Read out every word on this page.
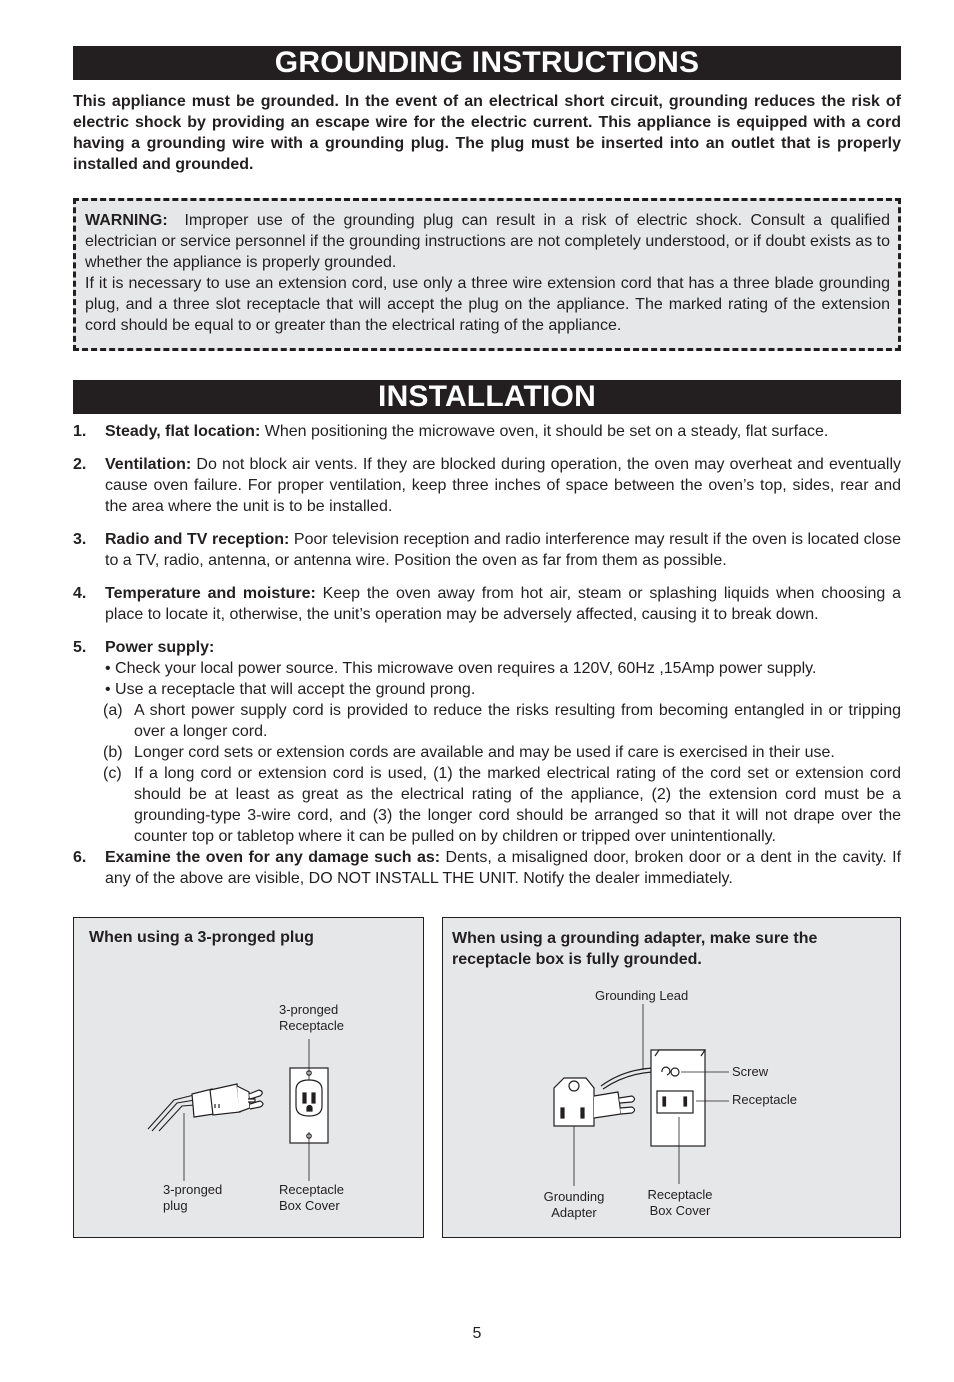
GROUNDING INSTRUCTIONS

This appliance must be grounded. In the event of an electrical short circuit, grounding reduces the risk of electric shock by providing an escape wire for the electric current. This appliance is equipped with a cord having a grounding wire with a grounding plug. The plug must be inserted into an outlet that is properly installed and grounded.

WARNING: Improper use of the grounding plug can result in a risk of electric shock. Consult a qualified electrician or service personnel if the grounding instructions are not completely understood, or if doubt exists as to whether the appliance is properly grounded.

If it is necessary to use an extension cord, use only a three wire extension cord that has a three blade grounding plug, and a three slot receptacle that will accept the plug on the appliance. The marked rating of the extension cord should be equal to or greater than the electrical rating of the appliance.

INSTALLATION
1. Steady, flat location: When positioning the microwave oven, it should be set on a steady, flat surface.
2. Ventilation: Do not block air vents. If they are blocked during operation, the oven may overheat and eventually cause oven failure. For proper ventilation, keep three inches of space between the oven’s top, sides, rear and the area where the unit is to be installed.
3. Radio and TV reception: Poor television reception and radio interference may result if the oven is located close to a TV, radio, antenna, or antenna wire. Position the oven as far from them as possible.
4. Temperature and moisture: Keep the oven away from hot air, steam or splashing liquids when choosing a place to locate it, otherwise, the unit’s operation may be adversely affected, causing it to break down.
5. Power supply:
• Check your local power source. This microwave oven requires a 120V, 60Hz ,15Amp power supply.
• Use a receptacle that will accept the ground prong.
(a) A short power supply cord is provided to reduce the risks resulting from becoming entangled in or tripping over a longer cord.
(b) Longer cord sets or extension cords are available and may be used if care is exercised in their use.
(c) If a long cord or extension cord is used, (1) the marked electrical rating of the cord set or extension cord should be at least as great as the electrical rating of the appliance, (2) the extension cord must be a grounding-type 3-wire cord, and (3) the longer cord should be arranged so that it will not drape over the counter top or tabletop where it can be pulled on by children or tripped over unintentionally.
6. Examine the oven for any damage such as: Dents, a misaligned door, broken door or a dent in the cavity. If any of the above are visible, DO NOT INSTALL THE UNIT. Notify the dealer immediately.
When using a 3-pronged plug
3-pronged
Receptacle
3-pronged
plug
Receptacle
Box Cover
When using a grounding adapter, make sure the
receptacle box is fully grounded.
Grounding Lead
Screw
Receptacle
Grounding
Adapter
Receptacle
Box Cover
5
